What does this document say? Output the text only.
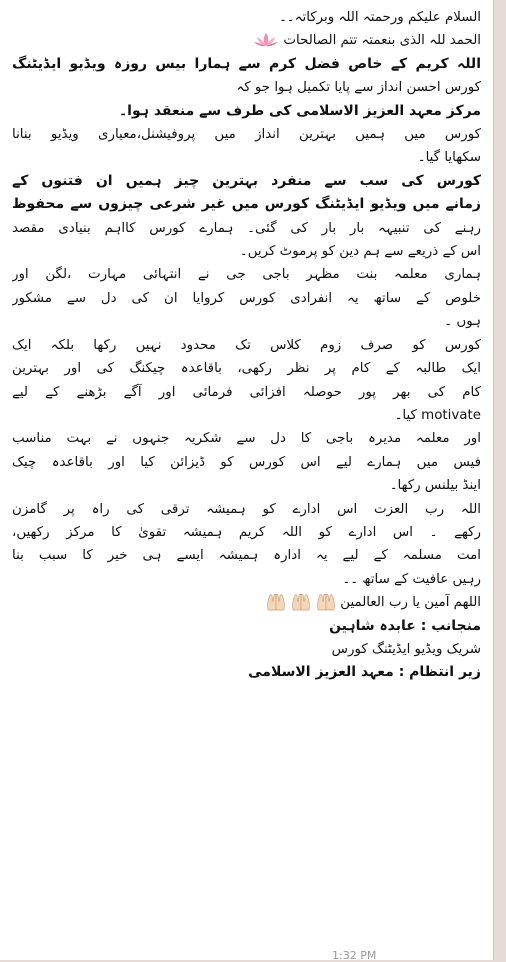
السلام علیکم ورحمتہ اللہ وبرکاتہ۔۔
الحمد للہ الذی بنعمتہ تتم الصالحات
اللہ کریم کے خاص فضل کرم سے ہمارا بیس روزہ ویڈیو ایڈیٹنگ
کورس احسن انداز سے پایا تکمیل ہوا جو کہ
مرکز معہد العزیز الاسلامی کی طرف سے منعقد ہوا۔
کورس میں ہمیں بہترین انداز میں پروفیشنل،معیاری ویڈیو بنانا
سکھایا گیا۔
کورس کی سب سے منفرد بہترین چیز ہمیں ان فتنوں کے
زمانے میں ویڈیو ایڈیٹنگ کورس میں غیر شرعی چیزوں سے محفوظ
رہنے کی تنبیہہ بار بار کی گئی۔ ہمارے کورس کااہم بنیادی مقصد
اس کے ذریعے سے ہم دین کو پرموٹ کریں۔
ہماری معلمہ بنت مظہر باجی جی نے انتہائی مہارت ،لگن اور
خلوص کے ساتھ یہ انفرادی کورس کروایا ان کی دل سے مشکور
ہوں ۔
کورس کو صرف زوم کلاس تک محدود نہیں رکھا بلکہ ایک
ایک طالبہ کے کام پر نظر رکھی، باقاعدہ چیکنگ کی اور بہترین
کام کی بھر پور حوصلہ افزائی فرمائی اور آگے بڑھنے کے لیے
motivate کیا۔
اور معلمہ مدیرہ باجی کا دل سے شکریہ جنہوں نے بہت مناسب
فیس میں ہمارے لیے اس کورس کو ڈیزائن کیا اور باقاعدہ چیک
اینڈ بیلنس رکھا۔
اللہ رب العزت اس ادارے کو ہمیشہ ترقی کی راہ پر گامزن
رکھے ۔ اس ادارے کو اللہ کریم ہمیشہ تقویٰ کا مرکز رکھیں،
امت مسلمہ کے لیے یہ ادارہ ہمیشہ ایسے ہی خیر کا سبب بنا
رہیں عافیت کے ساتھ ۔۔
اللھم آمین یا رب العالمین
منجانب : عابدہ شاہین
شریک ویڈیو ایڈیٹنگ کورس
زیر انتظام : معہد العزیز الاسلامی
1:32 PM
